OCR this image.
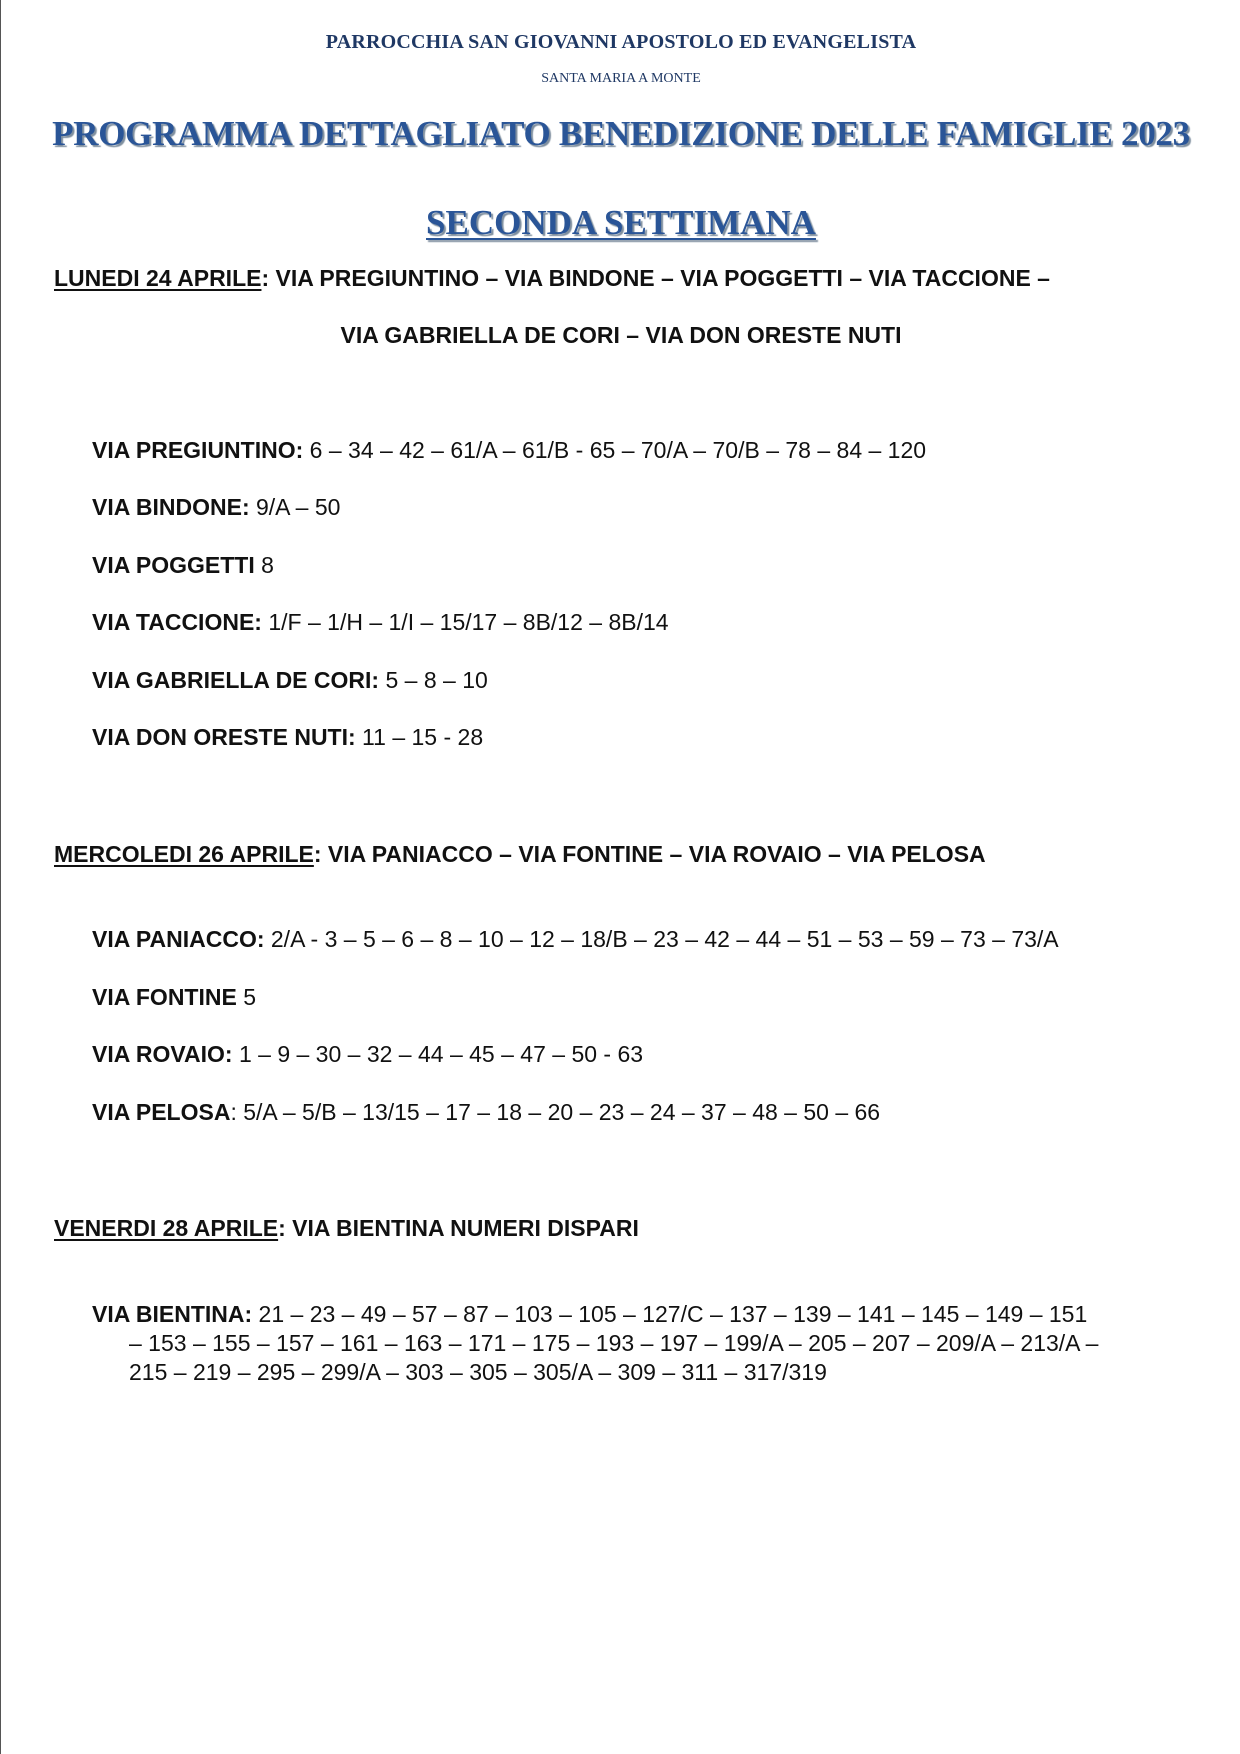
PARROCCHIA SAN GIOVANNI APOSTOLO ED EVANGELISTA
SANTA MARIA A MONTE
PROGRAMMA DETTAGLIATO BENEDIZIONE DELLE FAMIGLIE 2023
SECONDA SETTIMANA
LUNEDI 24 APRILE: VIA PREGIUNTINO – VIA BINDONE – VIA POGGETTI – VIA TACCIONE –
VIA GABRIELLA DE CORI – VIA DON ORESTE NUTI
VIA PREGIUNTINO: 6 – 34 – 42 – 61/A – 61/B - 65 – 70/A – 70/B – 78 – 84 – 120
VIA BINDONE: 9/A – 50
VIA POGGETTI 8
VIA TACCIONE: 1/F – 1/H – 1/I – 15/17 – 8B/12 – 8B/14
VIA GABRIELLA DE CORI: 5 – 8 – 10
VIA DON ORESTE NUTI: 11 – 15 - 28
MERCOLEDI 26 APRILE: VIA PANIACCO – VIA FONTINE – VIA ROVAIO – VIA PELOSA
VIA PANIACCO: 2/A - 3 – 5 – 6 – 8 – 10 – 12 – 18/B – 23 – 42 – 44 – 51 – 53 – 59 – 73 – 73/A
VIA FONTINE 5
VIA ROVAIO: 1 – 9 – 30 – 32 – 44 – 45 – 47 – 50 - 63
VIA PELOSA: 5/A – 5/B – 13/15 – 17 – 18 – 20 – 23 – 24 – 37 – 48 – 50 – 66
VENERDI 28 APRILE: VIA BIENTINA NUMERI DISPARI
VIA BIENTINA: 21 – 23 – 49 – 57 – 87 – 103 – 105 – 127/C – 137 – 139 – 141 – 145 – 149 – 151
– 153 – 155 – 157 – 161 – 163 – 171 – 175 – 193 – 197 – 199/A – 205 – 207 – 209/A – 213/A –
215 – 219 – 295 – 299/A – 303 – 305 – 305/A – 309 – 311 – 317/319
